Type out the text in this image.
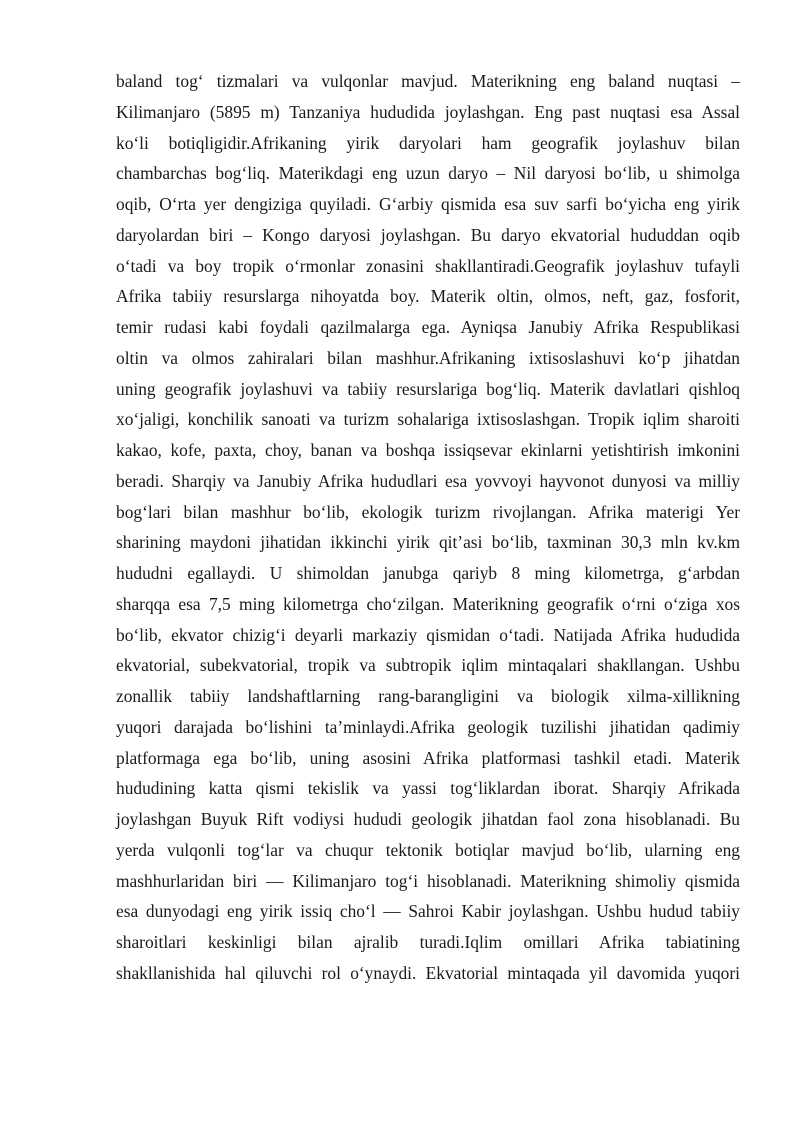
baland tog‘ tizmalari va vulqonlar mavjud. Materikning eng baland nuqtasi –
Kilimanjaro (5895 m) Tanzaniya hududida joylashgan. Eng past nuqtasi esa Assal
ko‘li botiqligidir.Afrikaning yirik daryolari ham geografik joylashuv bilan
chambarchas bog‘liq. Materikdagi eng uzun daryo – Nil daryosi bo‘lib, u shimolga
oqib, O‘rta yer dengiziga quyiladi. G‘arbiy qismida esa suv sarfi bo‘yicha eng yirik
daryolardan biri – Kongo daryosi joylashgan. Bu daryo ekvatorial hududdan oqib
o‘tadi va boy tropik o‘rmonlar zonasini shakllantiradi.Geografik joylashuv tufayli
Afrika tabiiy resurslarga nihoyatda boy. Materik oltin, olmos, neft, gaz, fosforit,
temir rudasi kabi foydali qazilmalarga ega. Ayniqsa Janubiy Afrika Respublikasi
oltin va olmos zahiralari bilan mashhur.Afrikaning ixtisoslashuvi ko‘p jihatdan
uning geografik joylashuvi va tabiiy resurslariga bog‘liq. Materik davlatlari qishloq
xo‘jaligi, konchilik sanoati va turizm sohalariga ixtisoslashgan. Tropik iqlim sharoiti
kakao, kofe, paxta, choy, banan va boshqa issiqsevar ekinlarni yetishtirish imkonini
beradi. Sharqiy va Janubiy Afrika hududlari esa yovvoyi hayvonot dunyosi va milliy
bog‘lari bilan mashhur bo‘lib, ekologik turizm rivojlangan. Afrika materigi Yer
sharining maydoni jihatidan ikkinchi yirik qit’asi bo‘lib, taxminan 30,3 mln kv.km
hududni egallaydi. U shimoldan janubga qariyb 8 ming kilometrga, g‘arbdan
sharqqa esa 7,5 ming kilometrga cho‘zilgan. Materikning geografik o‘rni o‘ziga xos
bo‘lib, ekvator chizig‘i deyarli markaziy qismidan o‘tadi. Natijada Afrika hududida
ekvatorial, subekvatorial, tropik va subtropik iqlim mintaqalari shakllangan. Ushbu
zonallik tabiiy landshaftlarning rang-barangligini va biologik xilma-xillikning
yuqori darajada bo‘lishini ta’minlaydi.Afrika geologik tuzilishi jihatidan qadimiy
platformaga ega bo‘lib, uning asosini Afrika platformasi tashkil etadi. Materik
hududining katta qismi tekislik va yassi tog‘liklardan iborat. Sharqiy Afrikada
joylashgan Buyuk Rift vodiysi hududi geologik jihatdan faol zona hisoblanadi. Bu
yerda vulqonli tog‘lar va chuqur tektonik botiqlar mavjud bo‘lib, ularning eng
mashhurlaridan biri — Kilimanjaro tog‘i hisoblanadi. Materikning shimoliy qismida
esa dunyodagi eng yirik issiq cho‘l — Sahroi Kabir joylashgan. Ushbu hudud tabiiy
sharoitlari keskinligi bilan ajralib turadi.Iqlim omillari Afrika tabiatining
shakllanishida hal qiluvchi rol o‘ynaydi. Ekvatorial mintaqada yil davomida yuqori
